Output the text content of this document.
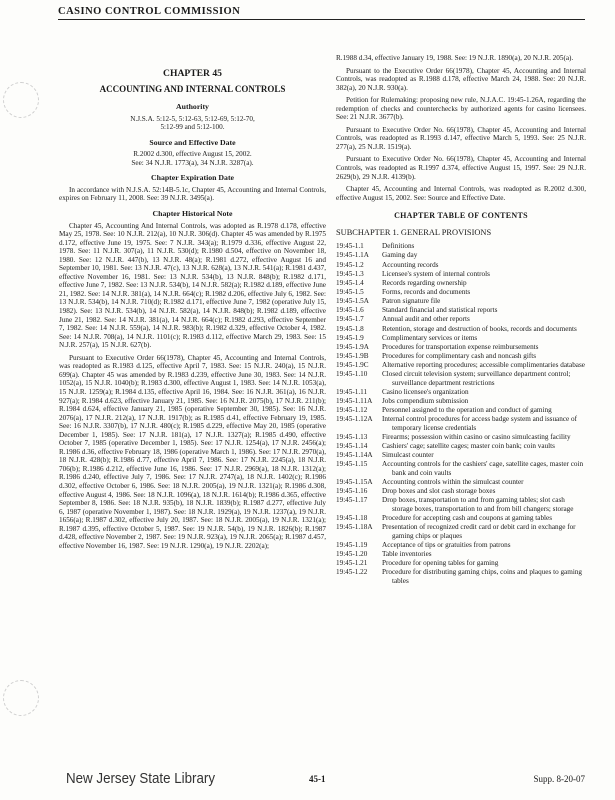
CASINO CONTROL COMMISSION
CHAPTER 45
ACCOUNTING AND INTERNAL CONTROLS
Authority
N.J.S.A. 5:12-5, 5:12-63, 5:12-69, 5:12-70,
5:12-99 and 5:12-100.
Source and Effective Date
R.2002 d.300, effective August 15, 2002.
See: 34 N.J.R. 1773(a), 34 N.J.R. 3287(a).
Chapter Expiration Date

In accordance with N.J.S.A. 52:14B-5.1c, Chapter 45, Accounting and Internal Controls, expires on February 11, 2008. See: 39 N.J.R. 3495(a).

Chapter Historical Note

Chapter 45, Accounting And Internal Controls, was adopted as R.1978 d.178, effective May 25, 1978. See: 10 N.J.R. 212(a), 10 N.J.R. 306(d). Chapter 45 was amended by R.1975 d.172, effective June 19, 1975. See: 7 N.J.R. 343(a); R.1979 d.336, effective August 22, 1978. See: 11 N.J.R. 307(a), 11 N.J.R. 530(d); R.1980 d.504, effective on November 18, 1980. See: 12 N.J.R. 447(b), 13 N.J.R. 48(a); R.1981 d.272, effective August 16 and September 10, 1981. See: 13 N.J.R. 47(c), 13 N.J.R. 628(a), 13 N.J.R. 541(a); R.1981 d.437, effective November 16, 1981. See: 13 N.J.R. 534(b), 13 N.J.R. 848(b); R.1982 d.171, effective June 7, 1982. See: 13 N.J.R. 534(b), 14 N.J.R. 582(a); R.1982 d.189, effective June 21, 1982. See: 14 N.J.R. 381(a), 14 N.J.R. 664(c); R.1982 d.206, effective July 6, 1982. See: 13 N.J.R. 534(b), 14 N.J.R. 710(d); R.1982 d.171, effective June 7, 1982 (operative July 15, 1982). See: 13 N.J.R. 534(b), 14 N.J.R. 582(a), 14 N.J.R. 848(b); R.1982 d.189, effective June 21, 1982. See: 14 N.J.R. 381(a), 14 N.J.R. 664(c); R.1982 d.293, effective September 7, 1982. See: 14 N.J.R. 559(a), 14 N.J.R. 983(b); R.1982 d.329, effective October 4, 1982. See: 14 N.J.R. 708(a), 14 N.J.R. 1101(c); R.1983 d.112, effective March 29, 1983. See: 15 N.J.R. 257(a), 15 N.J.R. 627(b).

Pursuant to Executive Order 66(1978), Chapter 45, Accounting and Internal Controls, was readopted as R.1983 d.125, effective April 7, 1983. See: 15 N.J.R. 240(a), 15 N.J.R. 699(a). Chapter 45 was amended by R.1983 d.239, effective June 30, 1983. See: 14 N.J.R. 1052(a), 15 N.J.R. 1040(b); R.1983 d.300, effective August 1, 1983. See: 14 N.J.R. 1053(a), 15 N.J.R. 1259(a); R.1984 d.135, effective April 16, 1984. See: 16 N.J.R. 361(a), 16 N.J.R. 927(a); R.1984 d.623, effective January 21, 1985. See: 16 N.J.R. 2075(b), 17 N.J.R. 211(b); R.1984 d.624, effective January 21, 1985 (operative September 30, 1985). See: 16 N.J.R. 2076(a), 17 N.J.R. 212(a), 17 N.J.R. 1917(b); as R.1985 d.41, effective February 19, 1985. See: 16 N.J.R. 3307(b), 17 N.J.R. 480(c); R.1985 d.229, effective May 20, 1985 (operative December 1, 1985). See: 17 N.J.R. 181(a), 17 N.J.R. 1327(a); R.1985 d.490, effective October 7, 1985 (operative December 1, 1985). See: 17 N.J.R. 1254(a), 17 N.J.R. 2456(a); R.1986 d.36, effective February 18, 1986 (operative March 1, 1986). See: 17 N.J.R. 2970(a), 18 N.J.R. 428(b); R.1986 d.77, effective April 7, 1986. See: 17 N.J.R. 2245(a), 18 N.J.R. 706(b); R.1986 d.212, effective June 16, 1986. See: 17 N.J.R. 2969(a), 18 N.J.R. 1312(a); R.1986 d.240, effective July 7, 1986. See: 17 N.J.R. 2747(a), 18 N.J.R. 1402(c); R.1986 d.302, effective October 6, 1986. See: 18 N.J.R. 2005(a), 19 N.J.R. 1321(a); R.1986 d.308, effective August 4, 1986. See: 18 N.J.R. 1096(a), 18 N.J.R. 1614(b); R.1986 d.365, effective September 8, 1986. See: 18 N.J.R. 935(b), 18 N.J.R. 1839(b); R.1987 d.277, effective July 6, 1987 (operative November 1, 1987). See: 18 N.J.R. 1929(a), 19 N.J.R. 1237(a), 19 N.J.R. 1656(a); R.1987 d.302, effective July 20, 1987. See: 18 N.J.R. 2005(a), 19 N.J.R. 1321(a); R.1987 d.395, effective October 5, 1987. See: 19 N.J.R. 54(b), 19 N.J.R. 1826(b); R.1987 d.428, effective November 2, 1987. See: 19 N.J.R. 923(a), 19 N.J.R. 2065(a); R.1987 d.457, effective November 16, 1987. See: 19 N.J.R. 1290(a), 19 N.J.R. 2202(a);

R.1988 d.34, effective January 19, 1988. See: 19 N.J.R. 1890(a), 20 N.J.R. 205(a).

Pursuant to the Executive Order 66(1978), Chapter 45, Accounting and Internal Controls, was readopted as R.1988 d.178, effective March 24, 1988. See: 20 N.J.R. 382(a), 20 N.J.R. 930(a).

Petition for Rulemaking: proposing new rule, N.J.A.C. 19:45-1.26A, regarding the redemption of checks and counterchecks by authorized agents for casino licensees. See: 21 N.J.R. 3677(b).

Pursuant to Executive Order No. 66(1978), Chapter 45, Accounting and Internal Controls, was readopted as R.1993 d.147, effective March 5, 1993. See: 25 N.J.R. 277(a), 25 N.J.R. 1519(a).

Pursuant to Executive Order No. 66(1978), Chapter 45, Accounting and Internal Controls, was readopted as R.1997 d.374, effective August 15, 1997. See: 29 N.J.R. 2629(b), 29 N.J.R. 4139(b).

Chapter 45, Accounting and Internal Controls, was readopted as R.2002 d.300, effective August 15, 2002. See: Source and Effective Date.

CHAPTER TABLE OF CONTENTS
SUBCHAPTER 1. GENERAL PROVISIONS
19:45-1.1	Definitions
19:45-1.1A	Gaming day
19:45-1.2	Accounting records
19:45-1.3	Licensee's system of internal controls
19:45-1.4	Records regarding ownership
19:45-1.5	Forms, records and documents
19:45-1.5A	Patron signature file
19:45-1.6	Standard financial and statistical reports
19:45-1.7	Annual audit and other reports
19:45-1.8	Retention, storage and destruction of books, records and documents
19:45-1.9	Complimentary services or items
19:45-1.9A	Procedures for transportation expense reimbursements
19:45-1.9B	Procedures for complimentary cash and noncash gifts
19:45-1.9C	Alternative reporting procedures; accessible complimentaries database
19:45-1.10	Closed circuit television system; surveillance department control; surveillance department restrictions
19:45-1.11	Casino licensee's organization
19:45-1.11A	Jobs compendium submission
19:45-1.12	Personnel assigned to the operation and conduct of gaming
19:45-1.12A	Internal control procedures for access badge system and issuance of temporary license credentials
19:45-1.13	Firearms; possession within casino or casino simulcasting facility
19:45-1.14	Cashiers' cage; satellite cages; master coin bank; coin vaults
19:45-1.14A	Simulcast counter
19:45-1.15	Accounting controls for the cashiers' cage, satellite cages, master coin bank and coin vaults
19:45-1.15A	Accounting controls within the simulcast counter
19:45-1.16	Drop boxes and slot cash storage boxes
19:45-1.17	Drop boxes, transportation to and from gaming tables; slot cash storage boxes, transportation to and from bill changers; storage
19:45-1.18	Procedure for accepting cash and coupons at gaming tables
19:45-1.18A	Presentation of recognized credit card or debit card in exchange for gaming chips or plaques
19:45-1.19	Acceptance of tips or gratuities from patrons
19:45-1.20	Table inventories
19:45-1.21	Procedure for opening tables for gaming
19:45-1.22	Procedure for distributing gaming chips, coins and plaques to gaming tables
New Jersey State Library	45-1	Supp. 8-20-07
